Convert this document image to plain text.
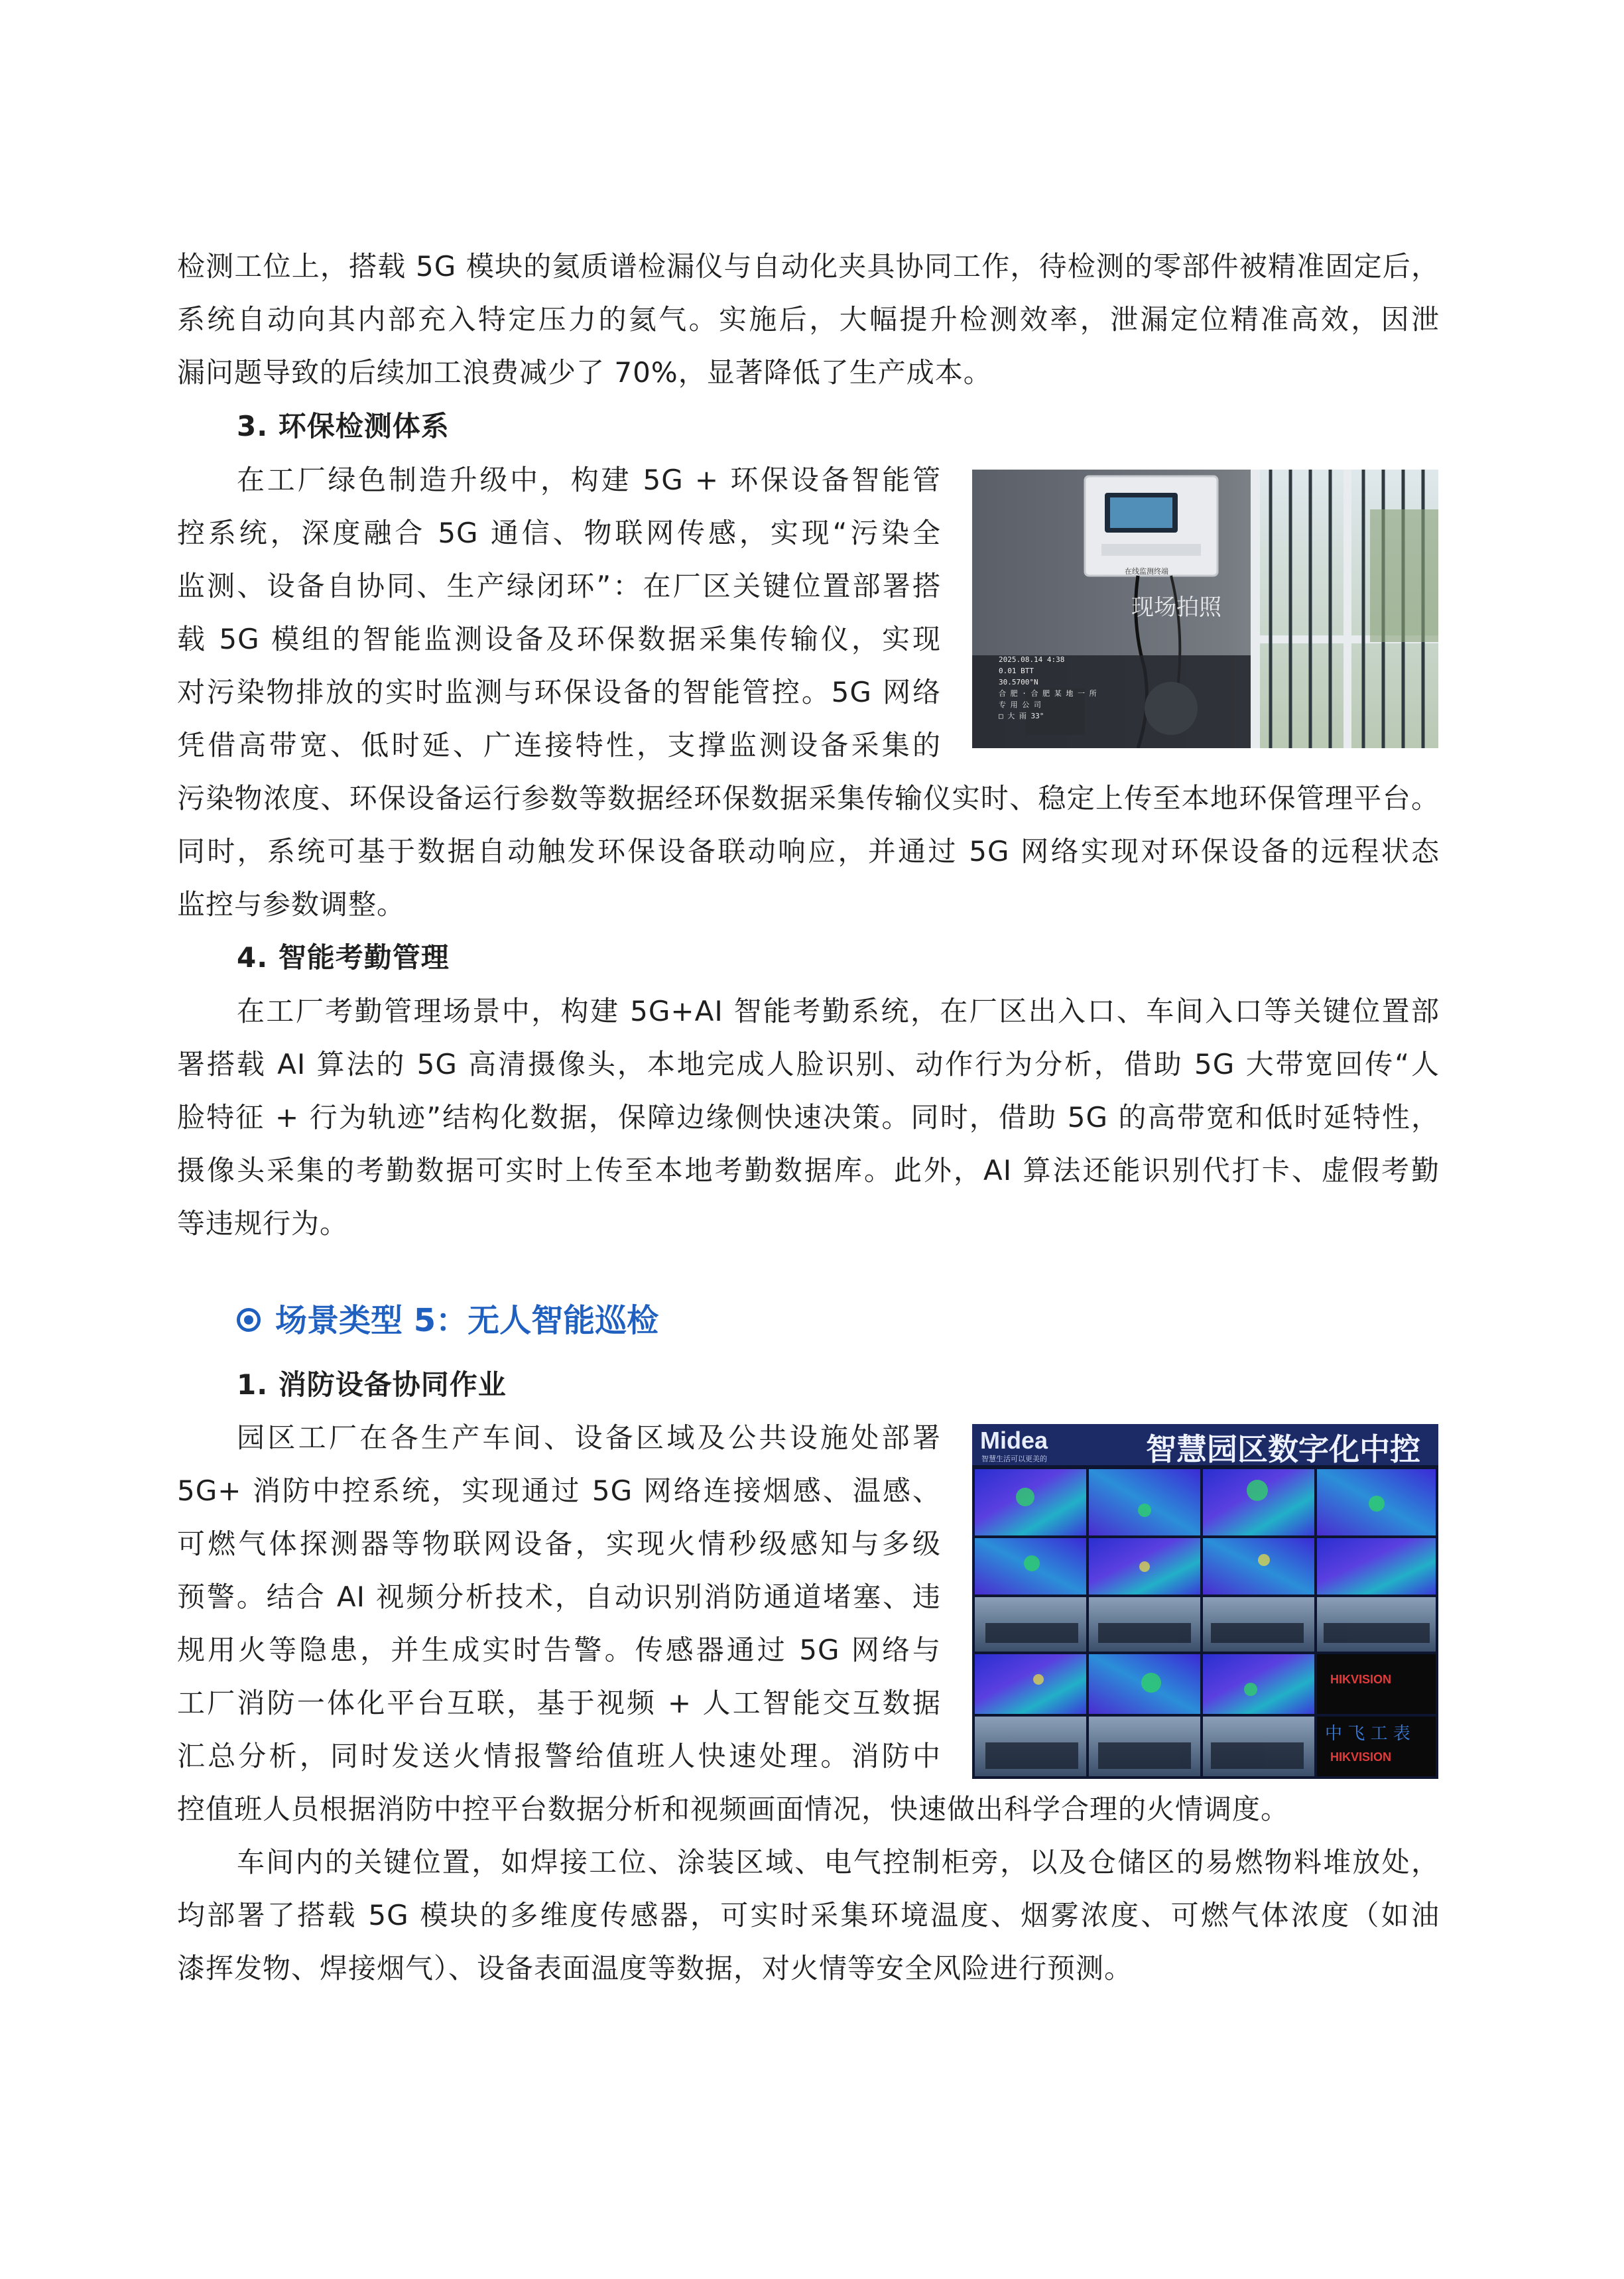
检测工位上，搭载 5G 模块的氦质谱检漏仪与自动化夹具协同工作，待检测的零部件被精准固定后，
系统自动向其内部充入特定压力的氦气。实施后，大幅提升检测效率，泄漏定位精准高效，因泄
漏问题导致的后续加工浪费减少了 70%，显著降低了生产成本。
3. 环保检测体系
在工厂绿色制造升级中，构建 5G + 环保设备智能管
控系统，深度融合 5G 通信、物联网传感，实现“污染全
监测、设备自协同、生产绿闭环”：在厂区关键位置部署搭
载 5G 模组的智能监测设备及环保数据采集传输仪，实现
对污染物排放的实时监测与环保设备的智能管控。5G 网络
凭借高带宽、低时延、广连接特性，支撑监测设备采集的
污染物浓度、环保设备运行参数等数据经环保数据采集传输仪实时、稳定上传至本地环保管理平台。
同时，系统可基于数据自动触发环保设备联动响应，并通过 5G 网络实现对环保设备的远程状态
监控与参数调整。
在线监测终端
现场拍照
2025.08.14 4:38
0.01 BTT
30.5700°N
合 肥 · 合 肥 某 地 一 所
专 用 公 司
□ 大 雨 33°
4. 智能考勤管理
在工厂考勤管理场景中，构建 5G+AI 智能考勤系统，在厂区出入口、车间入口等关键位置部
署搭载 AI 算法的 5G 高清摄像头，本地完成人脸识别、动作行为分析，借助 5G 大带宽回传“人
脸特征 + 行为轨迹”结构化数据，保障边缘侧快速决策。同时，借助 5G 的高带宽和低时延特性，
摄像头采集的考勤数据可实时上传至本地考勤数据库。此外，AI 算法还能识别代打卡、虚假考勤
等违规行为。
场景类型 5：无人智能巡检
1. 消防设备协同作业
园区工厂在各生产车间、设备区域及公共设施处部署
5G+ 消防中控系统，实现通过 5G 网络连接烟感、温感、
可燃气体探测器等物联网设备，实现火情秒级感知与多级
预警。结合 AI 视频分析技术，自动识别消防通道堵塞、违
规用火等隐患，并生成实时告警。传感器通过 5G 网络与
工厂消防一体化平台互联，基于视频 + 人工智能交互数据
汇总分析，同时发送火情报警给值班人快速处理。消防中
控值班人员根据消防中控平台数据分析和视频画面情况，快速做出科学合理的火情调度。
Midea
智慧生活可以更美的	智慧园区数字化中控
HIKVISION
HIKVISION
中 飞 工 表
车间内的关键位置，如焊接工位、涂装区域、电气控制柜旁，以及仓储区的易燃物料堆放处，
均部署了搭载 5G 模块的多维度传感器，可实时采集环境温度、烟雾浓度、可燃气体浓度（如油
漆挥发物、焊接烟气）、设备表面温度等数据，对火情等安全风险进行预测。
